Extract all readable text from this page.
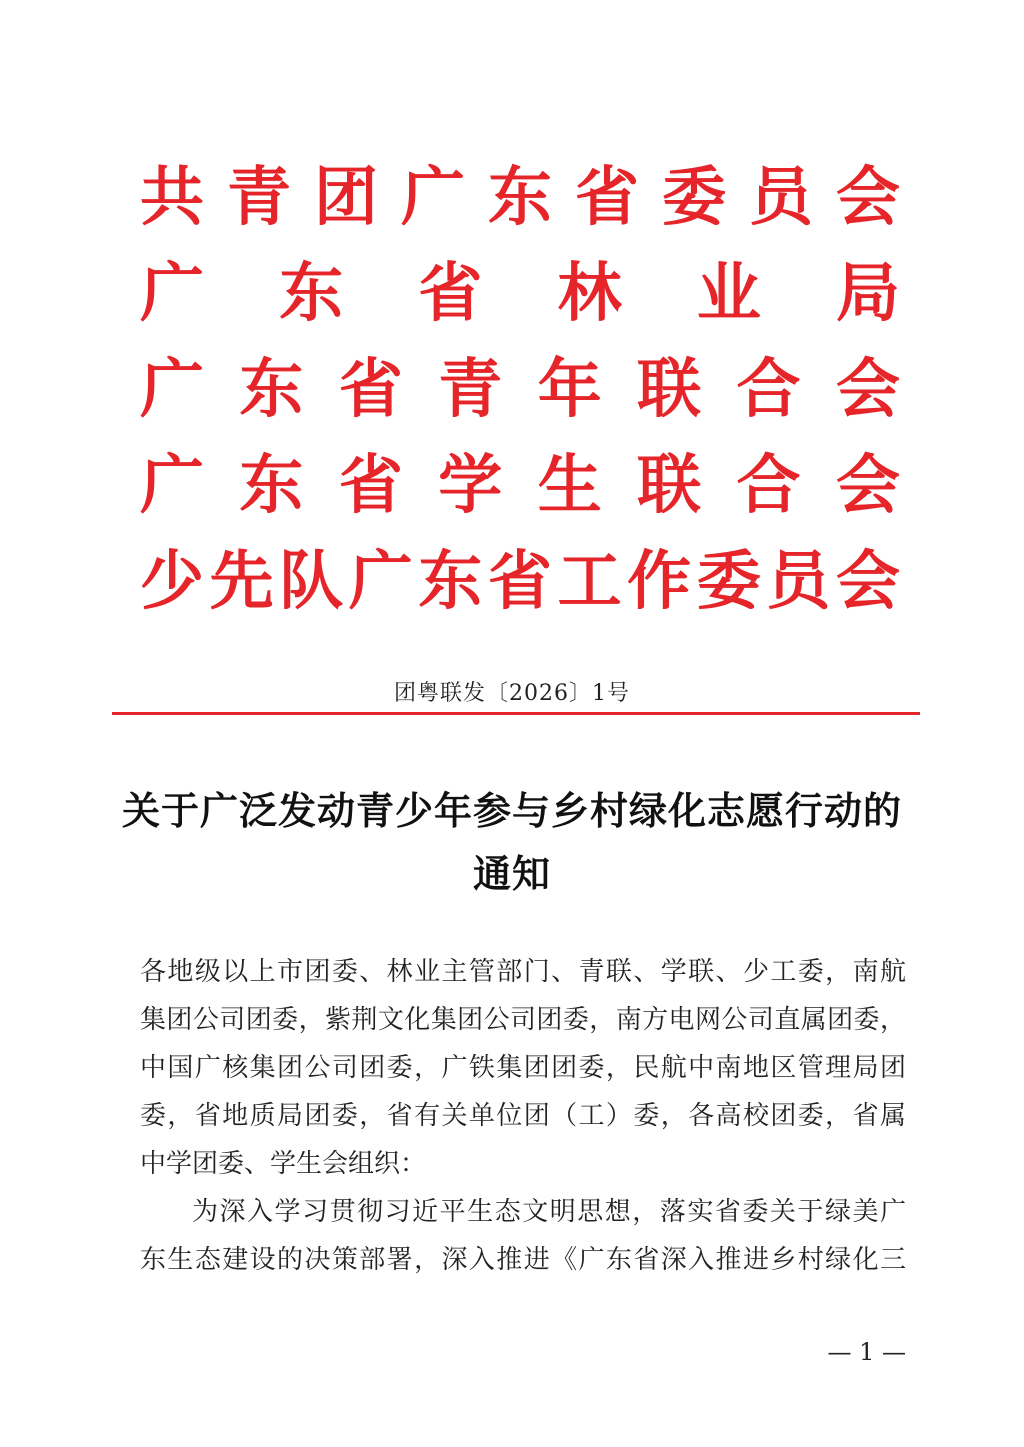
共 青 团 广 东 省 委 员 会
广 东 省 林 业 局
广 东 省 青 年 联 合 会
广 东 省 学 生 联 合 会
少 先 队 广 东 省 工 作 委 员 会
团粤联发〔2026〕1号
关于广泛发动青少年参与乡村绿化志愿行动的
通知
各地级以上市团委、林业主管部门、青联、学联、少工委，南航
集团公司团委，紫荆文化集团公司团委，南方电网公司直属团委，
中国广核集团公司团委，广铁集团团委，民航中南地区管理局团
委，省地质局团委，省有关单位团（工）委，各高校团委，省属
中学团委、学生会组织：
为深入学习贯彻习近平生态文明思想，落实省委关于绿美广
东生态建设的决策部署，深入推进《广东省深入推进乡村绿化三
— 1 —
